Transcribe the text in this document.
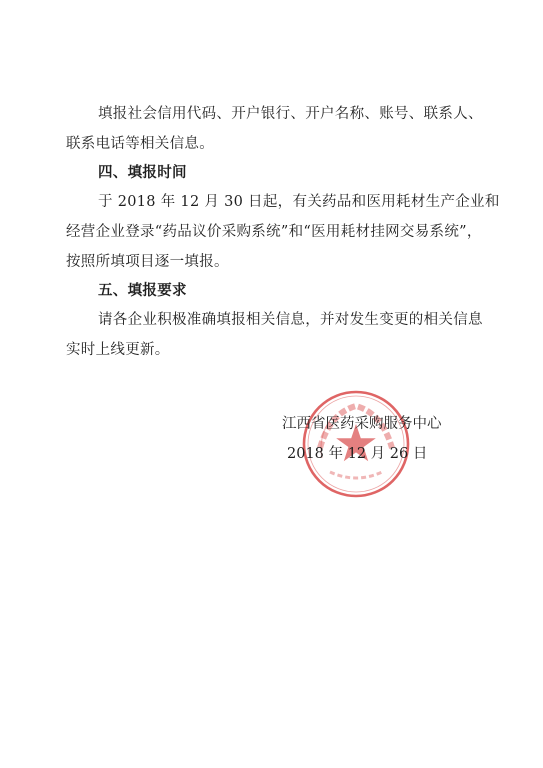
填报社会信用代码、开户银行、开户名称、账号、联系人、
联系电话等相关信息。
四、填报时间
于 2018 年 12 月 30 日起，有关药品和医用耗材生产企业和
经营企业登录“药品议价采购系统”和“医用耗材挂网交易系统”，
按照所填项目逐一填报。
五、填报要求
请各企业积极准确填报相关信息，并对发生变更的相关信息
实时上线更新。
江西省医药采购服务中心
2018 年 12 月 26 日
